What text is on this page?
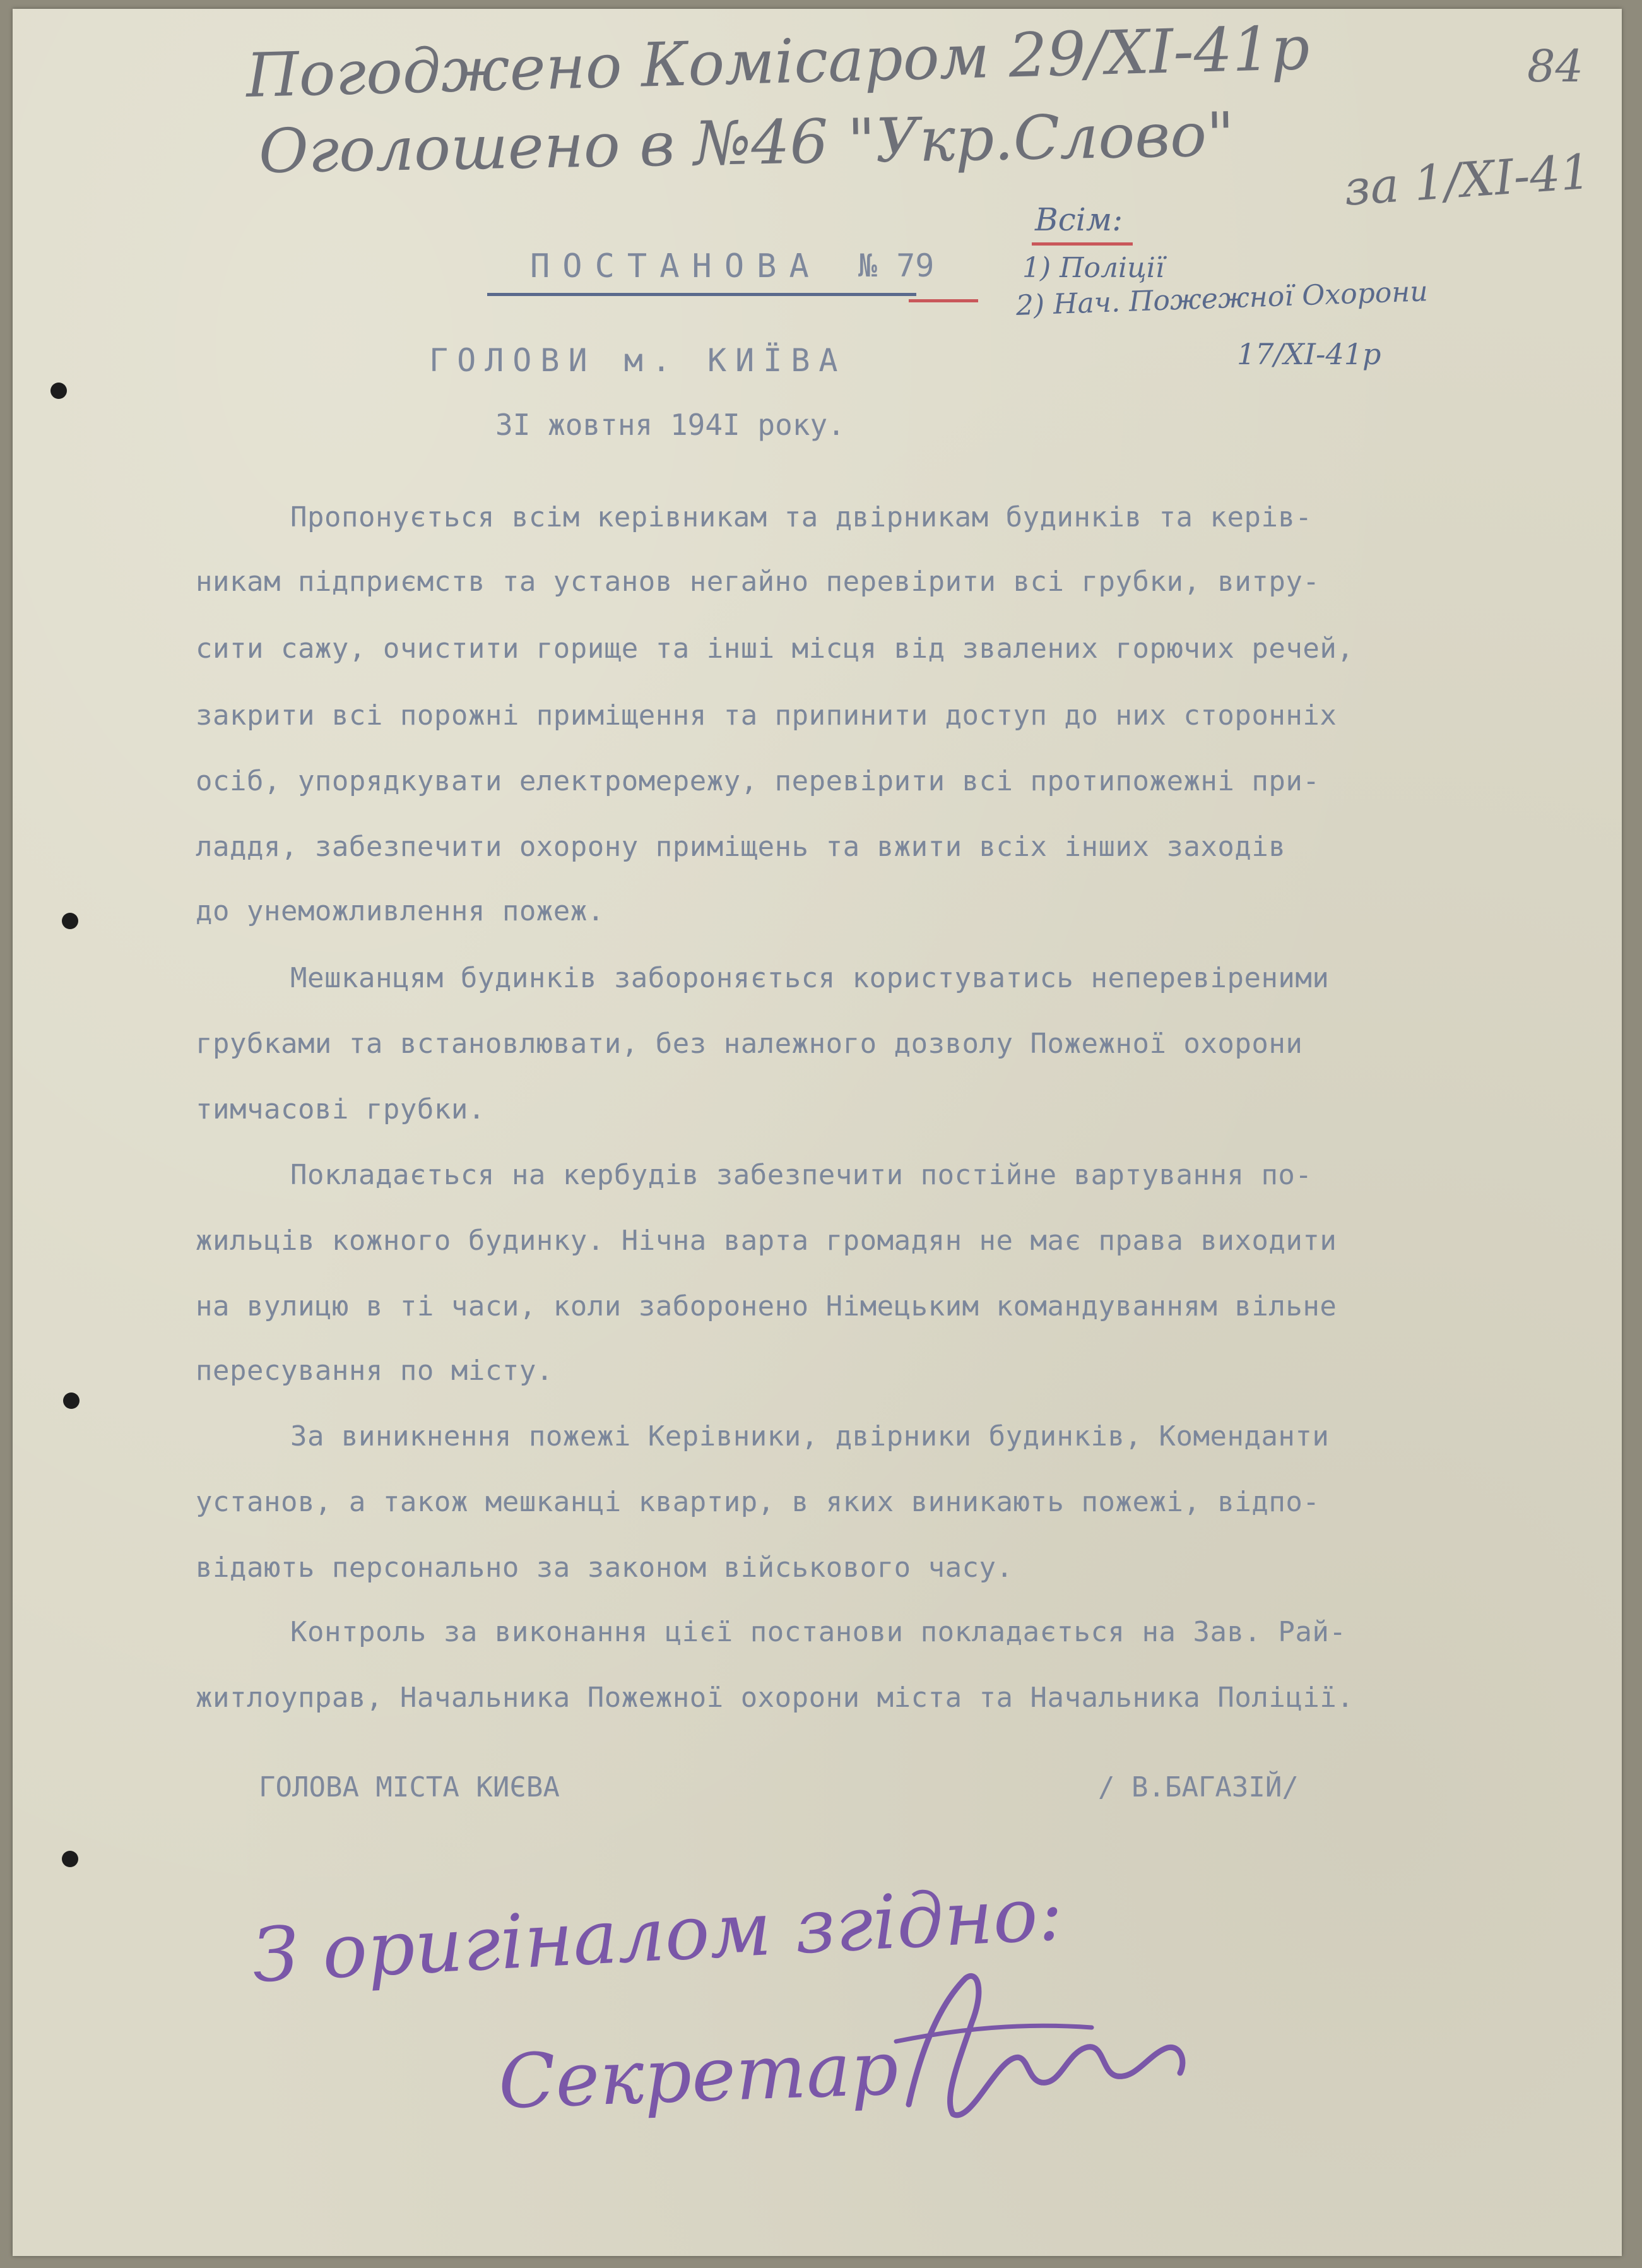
Погоджено Комісаром 29/XI-41р	84
Оголошено в №46 "Укр.Слово" за 1/XI-41
Всім:
1) Поліції
2) Нач. Пожежної Охорони
17/XI-41р
ПОСТАНОВА № 79
ГОЛОВИ м. КИЇВА
3I жовтня 194I року.
Пропонується всім керівникам та двірникам будинків та керів-
никам підприємств та установ негайно перевірити всі грубки, витру-
сити сажу, очистити горище та інші місця від звалених горючих речей,
закрити всі порожні приміщення та припинити доступ до них сторонніх
осіб, упорядкувати електромережу, перевірити всі протипожежні при-
ладдя, забезпечити охорону приміщень та вжити всіх інших заходів
до унеможливлення пожеж.
Мешканцям будинків забороняється користуватись неперевіреними
грубками та встановлювати, без належного дозволу Пожежної охорони
тимчасові грубки.
Покладається на кербудів забезпечити постійне вартування по-
жильців кожного будинку. Нічна варта громадян не має права виходити
на вулицю в ті часи, коли заборонено Німецьким командуванням вільне
пересування по місту.
За виникнення пожежі Керівники, двірники будинків, Коменданти
установ, а також мешканці квартир, в яких виникають пожежі, відпо-
відають персонально за законом військового часу.
Контроль за виконання цієї постанови покладається на Зав. Рай-
житлоуправ, Начальника Пожежної охорони міста та Начальника Поліції.
ГОЛОВА МІСТА КИЄВА	/ В.БАГАЗІЙ/
З оригіналом згідно:
Секретар
